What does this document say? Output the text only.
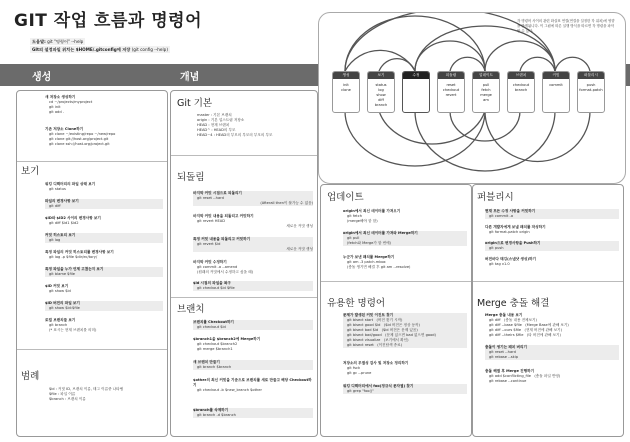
GIT 작업 흐름과 명령어
도움말: git "명령어" --help
GIt의 설정파일 위치는 $HOME/.gitconfig에 저장 (git config --help)
생성	개념
각 명령어 사이의 관련 화살표 연결(연결을 설정한 각 위치)에 영향을 받게됩니다. 이 그림에 따른 실행 방식을 따르면 각 명령을 파악할 수 있다.
생성
init
clone
보기
status
log
show
diff
branch
수정	되돌림
reset
checkout
revert
업데이트
pull
fetch
merge
am
브랜치
checkout
branch
커밋
commit
퍼블리시
push
format-patch
새 저장소 생성하기
cd ~/projects/myproject
git init
git add .
기존 저장소 Clone하기
git clone ~/existing/repo ~/new/repo
git clone git://host.org/project.git
git clone ssh://host.org/project.git
보기
워킹 디렉터리의 파일 상태 보기
git status
파일의 변경사항 보기
git diff
$ID와 $ID2 사이의 변경사항 보기
git diff $id1 $id2
커밋 히스토리 보기
git log
특정 파일의 커밋 히스토리를 변경사항 보기
git log -p $file $dir/ec/tory/
특정 파일을 누가 언제 고쳤는지 보기
git blame $file
$ID 커밋 보기
git show $id
$ID 버전의 파일 보기
git show $id:$file
로컬 브랜치들 보기
git branch
(* 표시는 현재 브랜치를 의미)
범례
$id : 커밋 ID, 브랜치 이름, 태그 이름중 나타냄
$file : 파일 이름
$branch : 브랜치 이름
Git 기본
master : 기본 브랜치
origin : 기본 업스트림 저장소
HEAD : 현재 브랜치
HEAD^ : HEAD의 부모
HEAD~4 : HEAD의 부모의 부모의 부모의 부모
되돌림
마지막 커밋 시점으로 되돌리기
git reset --hard
(Afterall then이 불가능 수 없음)
마지막 커밋 내용을 되돌리고 커밋하기
git revert HEAD
새로운 커밋 생성
특정 커밋 내용을 되돌리고 커밋하기
git revert $id
새로운 커밋 생성
마지막 커밋 수정하기
git commit -a --amend
(원래의 커밋에서 수정하고 싶을 때)
$id 시점의 파일을 복구
git checkout $id $file
브랜치
브랜치를 Checkout하기
git checkout $id
$branch1을 $branch2에 Merge하기
git checkout $branch2
git merge $branch1
새 브랜치 만들기
git branch $branch
$other의 최신 커밋을 기준으로 브랜치를 새로 만들고 해당 Checkout하기
git checkout -b $new_branch $other
$branch를 삭제하기
git branch -d $branch
업데이트
origin에서 최신 데이터를 가져오기
git fetch
(merge해야 함 함)
origin에서 최신 데이터를 가져와 Merge하기
git pull
(fetch와 Merge가 함 번에)
누군가 보낸 패치를 Merge하기
git am -3 patch.mbox
(충돌 생기면 해결 후 git am --resolve)
유용한 명령어
문제가 발생된 커밋 이진트 찾기
git bisect start   (버전 찾기 시작)
git bisect good $id   ($id 버전은 정상 동작)
git bisect bad $id   ($id 버전은 문제 있음)
git bisect bad/good   (문제 있으면 bad 없으면 good)
git bisect visualize   (보기에서 확인)
git bisect reset   (이진탐색 종료)
저장소의 무결성 검사 및 저장소 정리하기
git fsck
git gc --prune
워킹 디렉터리에서 foo(정규식 문자열) 찾기
git grep "foo()"
퍼블리시
현재 모든 수정 사항을 커밋하기
git commit -a
다른 개발자에게 보낼 패치를 작성하기
git format-patch origin
origin으로 변경사항을 Push하기
git push
버전마다 태깅(스냅샷 생성)하기
git tag v1.0
Merge 충돌 해결
Merge 충돌 내용 보기
git diff   (충돌 내용 전체보기)
git diff --base $file   (Merge Base에 관해 보기)
git diff --ours $file   (현재 버전에 관해 보기)
git diff --theirs $file   (타 버전에 관해 보기)
충돌이 생기는 패치 버리기
git reset --hard
git rebase --skip
충돌 해결 후 Merge 진행하기
git add $conflicting_file   (충돌 파일 반영)
git rebase --continue
